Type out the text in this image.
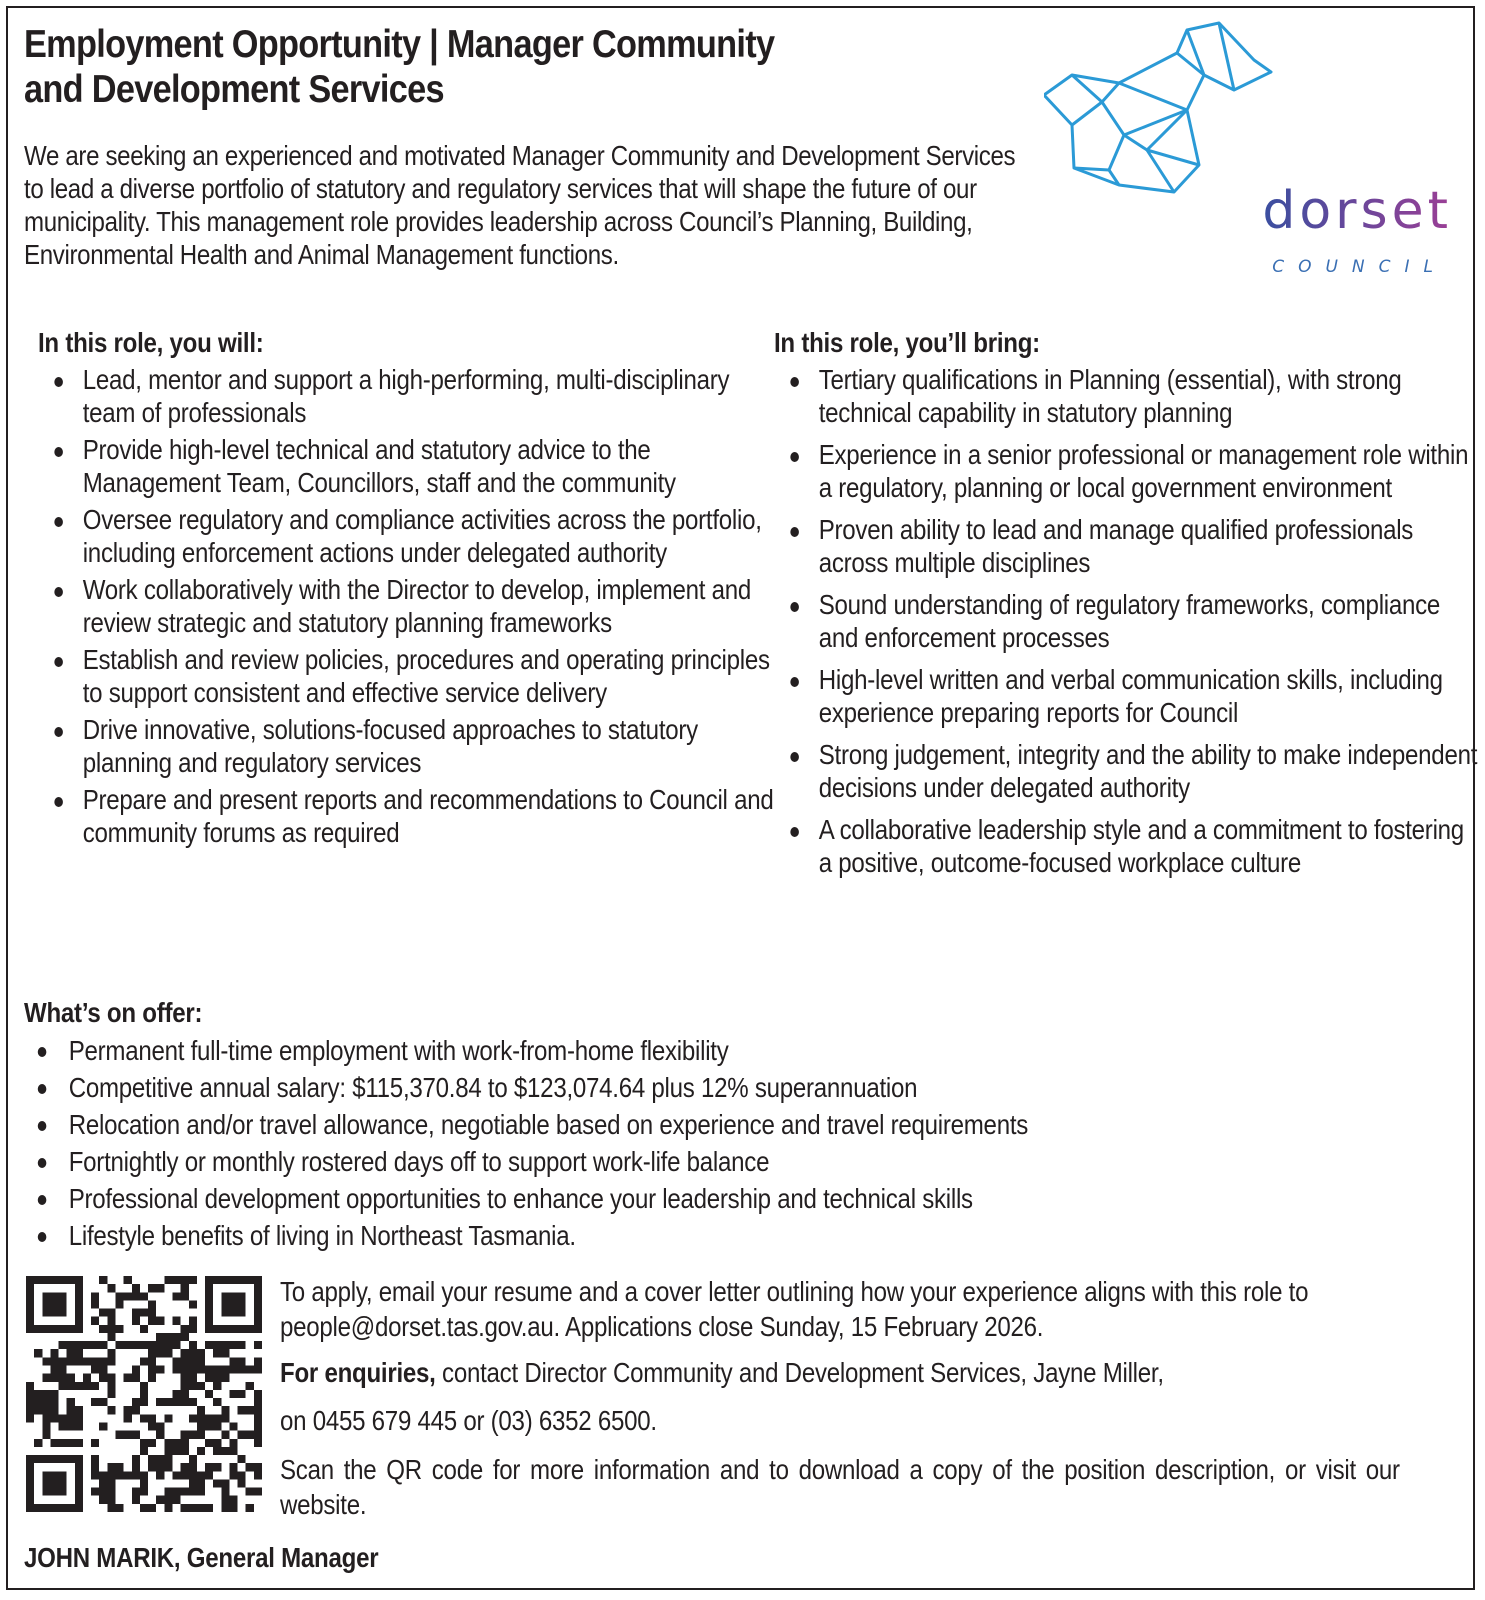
Employment Opportunity | Manager Community
and Development Services

We are seeking an experienced and motivated Manager Community and Development Services to lead a diverse portfolio of statutory and regulatory services that will shape the future of our municipality. This management role provides leadership across Council’s Planning, Building, Environmental Health and Animal Management functions.

dorset
COUNCIL

In this role, you will:

Lead, mentor and support a high-performing, multi-disciplinary team of professionals
Provide high-level technical and statutory advice to the Management Team, Councillors, staff and the community
Oversee regulatory and compliance activities across the portfolio, including enforcement actions under delegated authority
Work collaboratively with the Director to develop, implement and review strategic and statutory planning frameworks
Establish and review policies, procedures and operating principles to support consistent and effective service delivery
Drive innovative, solutions-focused approaches to statutory planning and regulatory services
Prepare and present reports and recommendations to Council and community forums as required

In this role, you’ll bring:

Tertiary qualifications in Planning (essential), with strong technical capability in statutory planning
Experience in a senior professional or management role within a regulatory, planning or local government environment
Proven ability to lead and manage qualified professionals across multiple disciplines
Sound understanding of regulatory frameworks, compliance and enforcement processes
High-level written and verbal communication skills, including experience preparing reports for Council
Strong judgement, integrity and the ability to make independent decisions under delegated authority
A collaborative leadership style and a commitment to fostering a positive, outcome-focused workplace culture

What’s on offer:

Permanent full-time employment with work-from-home flexibility
Competitive annual salary: $115,370.84 to $123,074.64 plus 12% superannuation
Relocation and/or travel allowance, negotiable based on experience and travel requirements
Fortnightly or monthly rostered days off to support work-life balance
Professional development opportunities to enhance your leadership and technical skills
Lifestyle benefits of living in Northeast Tasmania.

To apply, email your resume and a cover letter outlining how your experience aligns with this role to people@dorset.tas.gov.au. Applications close Sunday, 15 February 2026.

For enquiries, contact Director Community and Development Services, Jayne Miller,

on 0455 679 445 or (03) 6352 6500.

Scan the QR code for more information and to download a copy of the position description, or visit our website.

JOHN MARIK, General Manager
